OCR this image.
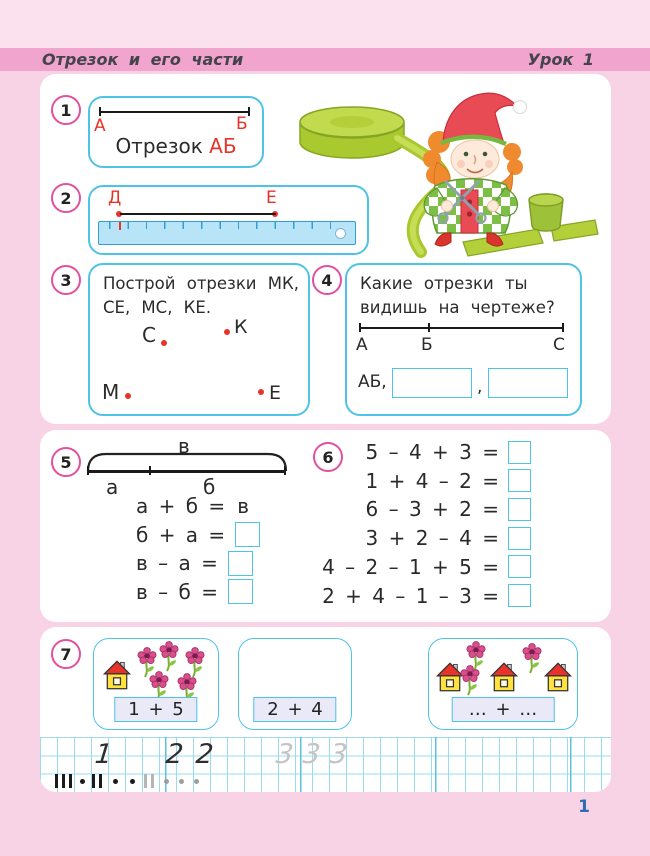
Отрезок и его части	Урок 1
1
А	Б
Отрезок АБ
2 Д	Е
3 Построй отрезки МК,
СЕ, МС, КЕ.
С	К
М	Е
4 Какие отрезки ты
видишь на чертеже?
А	Б	С
АБ,	,
в
а	б
а + б = в
б + а =
в – а =
в – б =
5 – 4 + 3 =
1 + 4 – 2 =
6 – 3 + 2 =
3 + 2 – 4 =
4 – 2 – 1 + 5 =
2 + 4 – 1 – 3 =
5	6
1 + 5	2 + 4	… + …
1 2 2 3 3 3
7
1
